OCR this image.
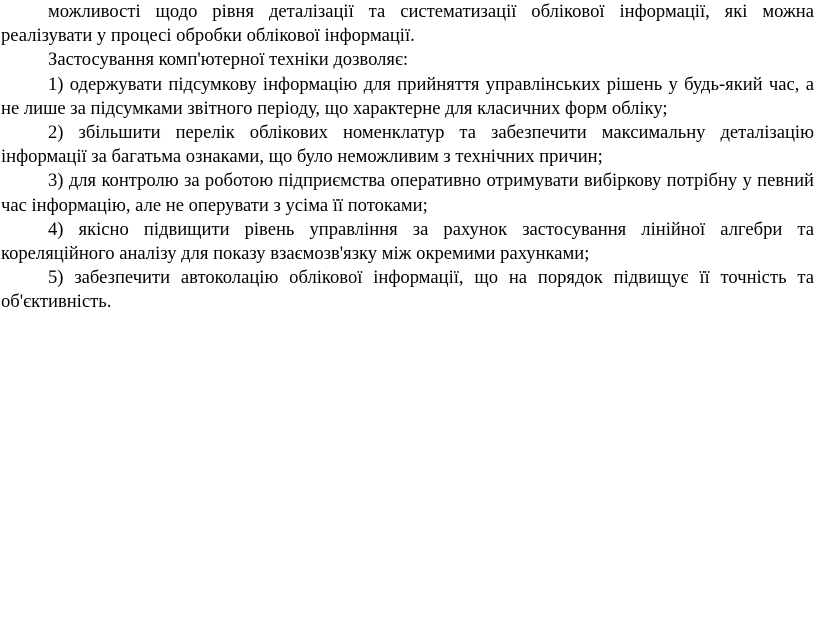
можливості щодо рівня деталізації та систематизації облікової інформації, які можна реалізувати у процесі обробки облікової інформації.

Застосування комп'ютерної техніки дозволяє:

1) одержувати підсумкову інформацію для прийняття управлінських рішень у будь-який час, а не лише за підсумками звітного періоду, що характерне для класичних форм обліку;

2) збільшити перелік облікових номенклатур та забезпечити максимальну деталізацію інформації за багатьма ознаками, що було неможливим з технічних причин;

3) для контролю за роботою підприємства оперативно отримувати вибіркову потрібну у певний час інформацію, але не оперувати з усіма її потоками;

4) якісно підвищити рівень управління за рахунок застосування лінійної алгебри та кореляційного аналізу для показу взаємозв'язку між окремими рахунками;

5) забезпечити автоколацію облікової інформації, що на порядок підвищує її точність та об'єктивність.
